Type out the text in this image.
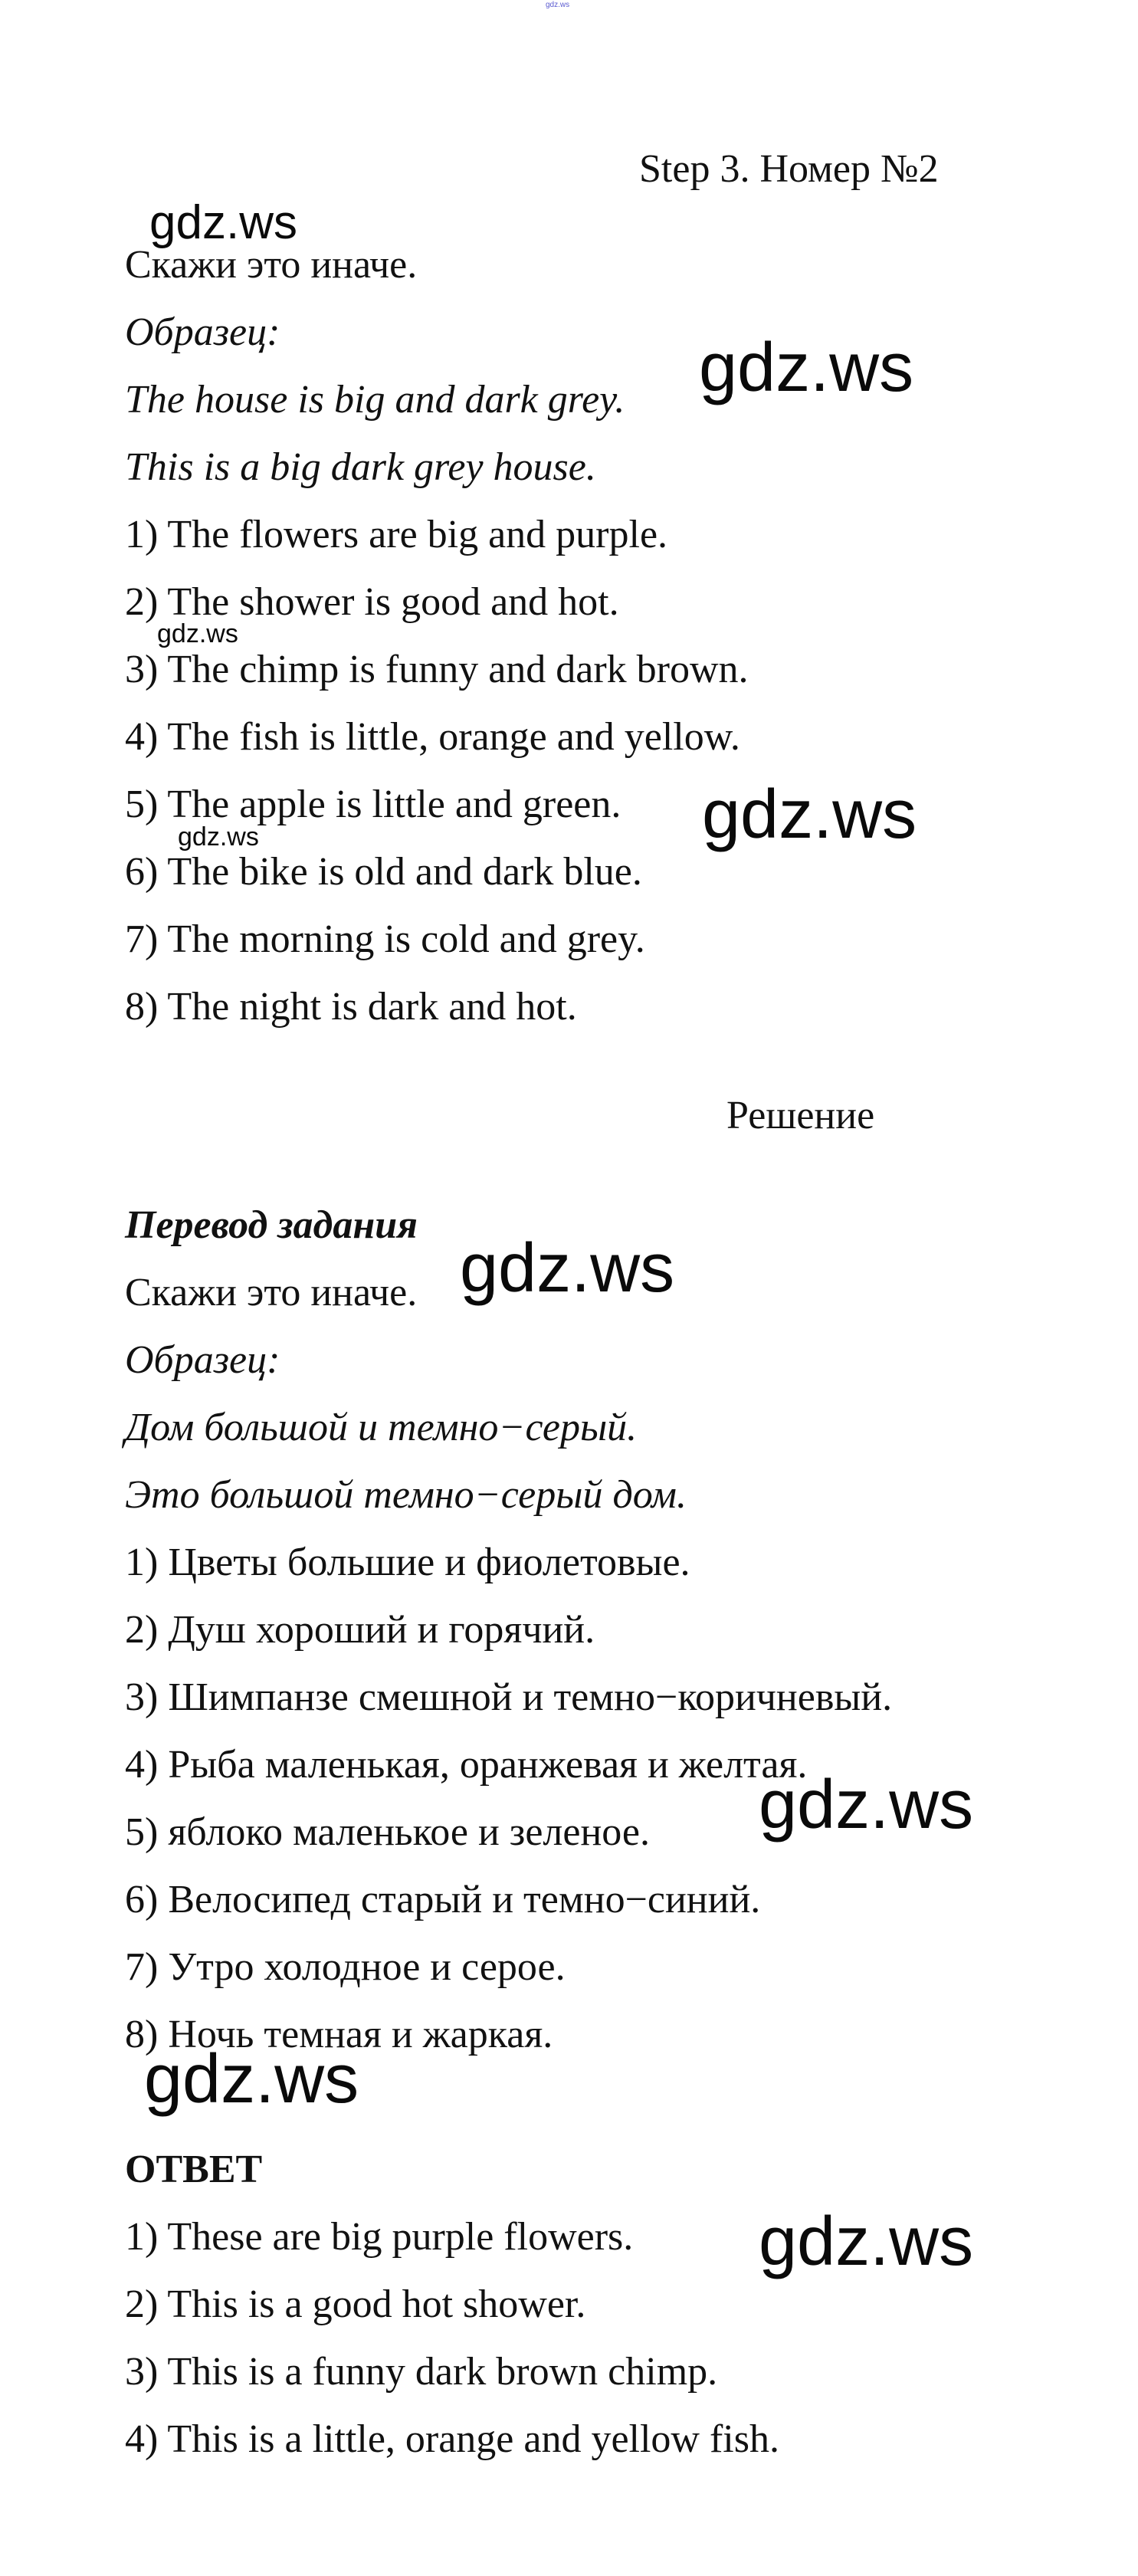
gdz.ws

Step 3. Номер №2

Скажи это иначе.

Образец:

The house is big and dark grey.

This is a big dark grey house.

1) The flowers are big and purple.

2) The shower is good and hot.

3) The chimp is funny and dark brown.

4) The fish is little, orange and yellow.

5) The apple is little and green.

6) The bike is old and dark blue.

7) The morning is cold and grey.

8) The night is dark and hot.

Решение

Перевод задания

Скажи это иначе.

Образец:

Дом большой и темно−серый.

Это большой темно−серый дом.

1) Цветы большие и фиолетовые.

2) Душ хороший и горячий.

3) Шимпанзе смешной и темно−коричневый.

4) Рыба маленькая, оранжевая и желтая.

5) яблоко маленькое и зеленое.

6) Велосипед старый и темно−синий.

7) Утро холодное и серое.

8) Ночь темная и жаркая.

ОТВЕТ

1) These are big purple flowers.

2) This is a good hot shower.

3) This is a funny dark brown chimp.

4) This is a little, orange and yellow fish.

gdz.ws

gdz.ws

gdz.ws

gdz.ws	gdz.ws

gdz.ws

gdz.ws

gdz.ws

gdz.ws
